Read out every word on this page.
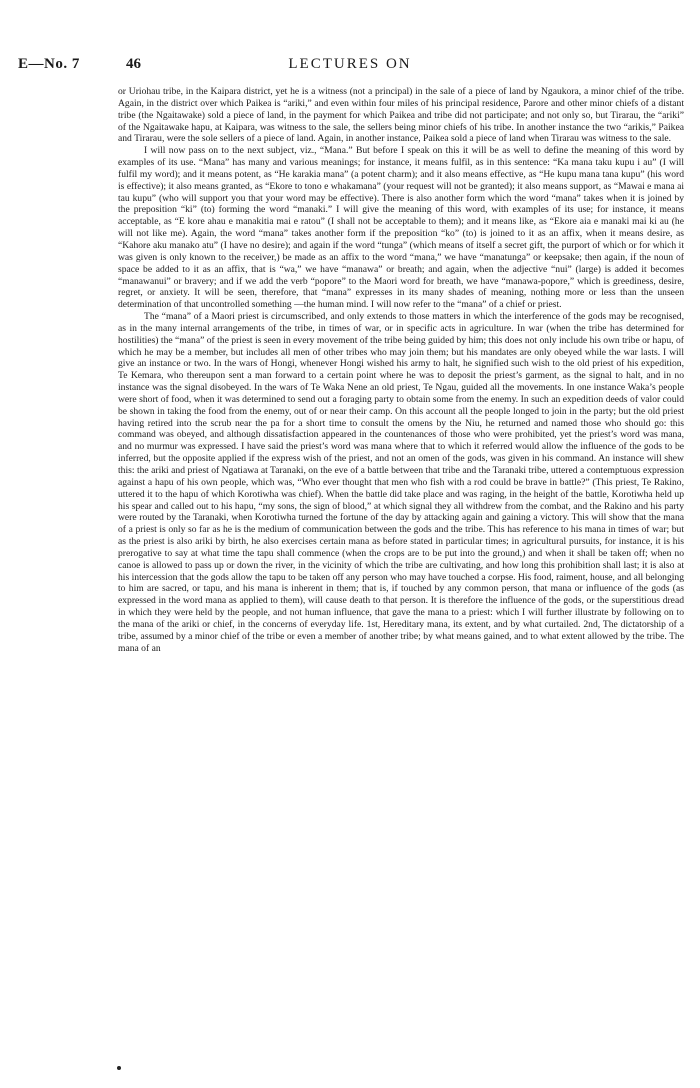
E—No. 7	46	LECTURES ON

or Uriohau tribe, in the Kaipara district, yet he is a witness (not a principal) in the sale of a piece of land by Ngaukora, a minor chief of the tribe. Again, in the district over which Paikea is “ariki,” and even within four miles of his principal residence, Parore and other minor chiefs of a distant tribe (the Ngaitawake) sold a piece of land, in the payment for which Paikea and tribe did not participate; and not only so, but Tirarau, the “ariki” of the Ngaitawake hapu, at Kaipara, was witness to the sale, the sellers being minor chiefs of his tribe. In another instance the two “arikis,” Paikea and Tirarau, were the sole sellers of a piece of land. Again, in another instance, Paikea sold a piece of land when Tirarau was witness to the sale.

I will now pass on to the next subject, viz., “Mana.” But before I speak on this it will be as well to define the meaning of this word by examples of its use. “Mana” has many and various meanings; for instance, it means fulfil, as in this sentence: “Ka mana taku kupu i au” (I will fulfil my word); and it means potent, as “He karakia mana” (a potent charm); and it also means effective, as “He kupu mana tana kupu” (his word is effective); it also means granted, as “Ekore to tono e whakamana” (your request will not be granted); it also means support, as “Mawai e mana ai tau kupu” (who will support you that your word may be effective). There is also another form which the word “mana” takes when it is joined by the preposition “ki” (to) forming the word “manaki.” I will give the meaning of this word, with examples of its use; for instance, it means acceptable, as “E kore ahau e manakitia mai e ratou” (I shall not be acceptable to them); and it means like, as “Ekore aia e manaki mai ki au (he will not like me). Again, the word “mana” takes another form if the preposition “ko” (to) is joined to it as an affix, when it means desire, as “Kahore aku manako atu” (I have no desire); and again if the word “tunga” (which means of itself a secret gift, the purport of which or for which it was given is only known to the receiver,) be made as an affix to the word “mana,” we have “manatunga” or keepsake; then again, if the noun of space be added to it as an affix, that is “wa,” we have “manawa” or breath; and again, when the adjective “nui” (large) is added it becomes “manawanui” or bravery; and if we add the verb “popore” to the Maori word for breath, we have “manawa-popore,” which is greediness, desire, regret, or anxiety. It will be seen, therefore, that “mana” expresses in its many shades of meaning, nothing more or less than the unseen determination of that uncontrolled something —the human mind. I will now refer to the “mana” of a chief or priest.

The “mana” of a Maori priest is circumscribed, and only extends to those matters in which the interference of the gods may be recognised, as in the many internal arrangements of the tribe, in times of war, or in specific acts in agriculture. In war (when the tribe has determined for hostilities) the “mana” of the priest is seen in every movement of the tribe being guided by him; this does not only include his own tribe or hapu, of which he may be a member, but includes all men of other tribes who may join them; but his mandates are only obeyed while the war lasts. I will give an instance or two. In the wars of Hongi, whenever Hongi wished his army to halt, he signified such wish to the old priest of his expedition, Te Kemara, who thereupon sent a man forward to a certain point where he was to deposit the priest’s garment, as the signal to halt, and in no instance was the signal disobeyed. In the wars of Te Waka Nene an old priest, Te Ngau, guided all the movements. In one instance Waka’s people were short of food, when it was determined to send out a foraging party to obtain some from the enemy. In such an expedition deeds of valor could be shown in taking the food from the enemy, out of or near their camp. On this account all the people longed to join in the party; but the old priest having retired into the scrub near the pa for a short time to consult the omens by the Niu, he returned and named those who should go: this command was obeyed, and although dissatisfaction appeared in the countenances of those who were prohibited, yet the priest’s word was mana, and no murmur was expressed. I have said the priest’s word was mana where that to which it referred would allow the influence of the gods to be inferred, but the opposite applied if the express wish of the priest, and not an omen of the gods, was given in his command. An instance will shew this: the ariki and priest of Ngatiawa at Taranaki, on the eve of a battle between that tribe and the Taranaki tribe, uttered a contemptuous expression against a hapu of his own people, which was, “Who ever thought that men who fish with a rod could be brave in battle?” (This priest, Te Rakino, uttered it to the hapu of which Korotiwha was chief). When the battle did take place and was raging, in the height of the battle, Korotiwha held up his spear and called out to his hapu, “my sons, the sign of blood,” at which signal they all withdrew from the combat, and the Rakino and his party were routed by the Taranaki, when Korotiwha turned the fortune of the day by attacking again and gaining a victory. This will show that the mana of a priest is only so far as he is the medium of communication between the gods and the tribe. This has reference to his mana in times of war; but as the priest is also ariki by birth, he also exercises certain mana as before stated in particular times; in agricultural pursuits, for instance, it is his prerogative to say at what time the tapu shall commence (when the crops are to be put into the ground,) and when it shall be taken off; when no canoe is allowed to pass up or down the river, in the vicinity of which the tribe are cultivating, and how long this prohibition shall last; it is also at his intercession that the gods allow the tapu to be taken off any person who may have touched a corpse. His food, raiment, house, and all belonging to him are sacred, or tapu, and his mana is inherent in them; that is, if touched by any common person, that mana or influence of the gods (as expressed in the word mana as applied to them), will cause death to that person. It is therefore the influence of the gods, or the superstitious dread in which they were held by the people, and not human influence, that gave the mana to a priest: which I will further illustrate by following on to the mana of the ariki or chief, in the concerns of everyday life. 1st, Hereditary mana, its extent, and by what curtailed. 2nd, The dictatorship of a tribe, assumed by a minor chief of the tribe or even a member of another tribe; by what means gained, and to what extent allowed by the tribe. The mana of an
